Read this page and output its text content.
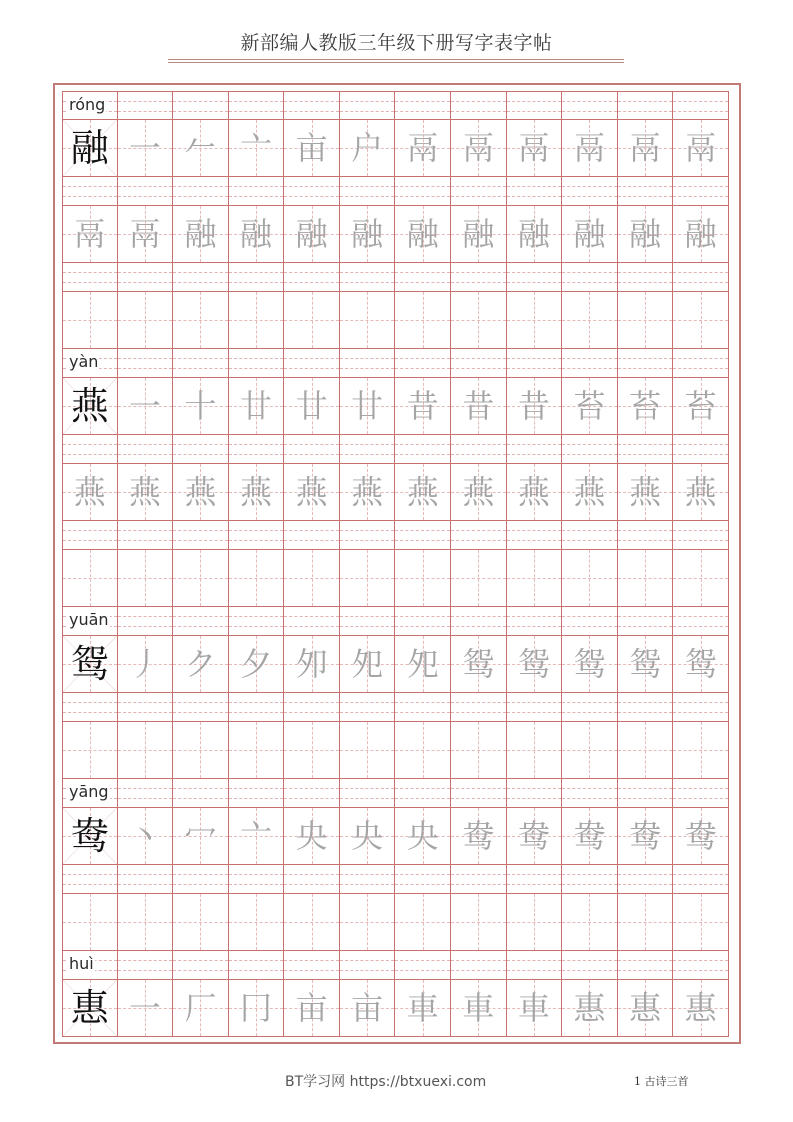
新部编人教版三年级下册写字表字帖
róng
融 一 𠂉 亠 亩 户 鬲 鬲 鬲 鬲 鬲 鬲
鬲 鬲 融 融 融 融 融 融 融 融 融 融
yàn
燕 一 十 廿 廿 廿 昔 昔 昔 苔 苔 苔
燕 燕 燕 燕 燕 燕 燕 燕 燕 燕 燕 燕
yuān
鸳 丿 ク 夕 夘 夗 夗 鸳 鸳 鸳 鸳 鸳
yāng
鸯 丶 冖 亠 央 央 央 鸯 鸯 鸯 鸯 鸯
huì
惠 一 厂 冂 亩 亩 車 車 車 惠 惠 惠
BT学习网 https://btxuexi.com	1 古诗三首
